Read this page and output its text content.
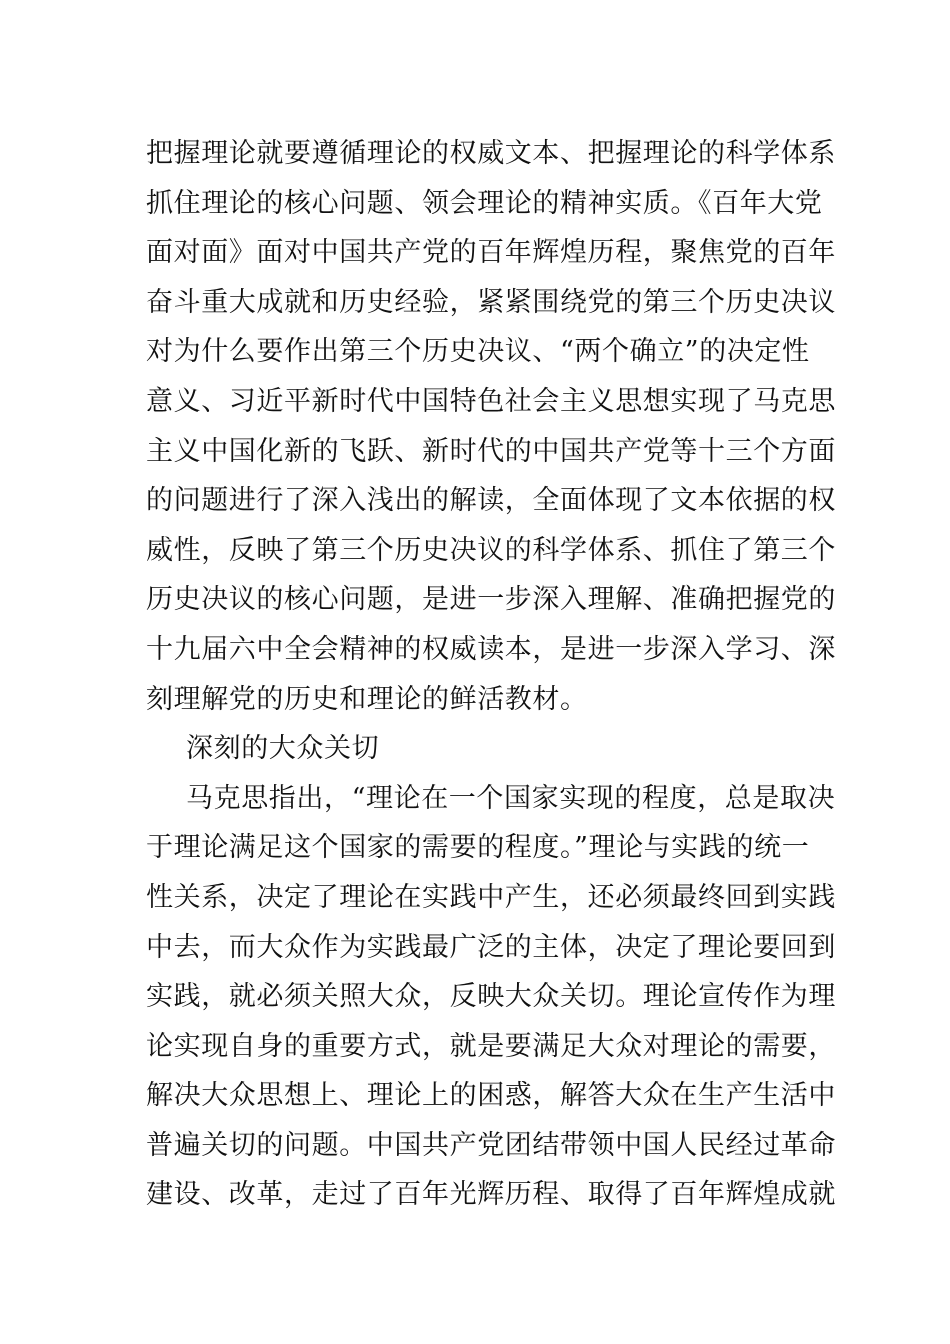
把握理论就要遵循理论的权威文本、把握理论的科学体系
抓住理论的核心问题、领会理论的精神实质。《百年大党
面对面》面对中国共产党的百年辉煌历程，聚焦党的百年
奋斗重大成就和历史经验，紧紧围绕党的第三个历史决议
对为什么要作出第三个历史决议、“两个确立”的决定性
意义、习近平新时代中国特色社会主义思想实现了马克思
主义中国化新的飞跃、新时代的中国共产党等十三个方面
的问题进行了深入浅出的解读，全面体现了文本依据的权
威性，反映了第三个历史决议的科学体系、抓住了第三个
历史决议的核心问题，是进一步深入理解、准确把握党的
十九届六中全会精神的权威读本，是进一步深入学习、深
刻理解党的历史和理论的鲜活教材。
深刻的大众关切
马克思指出，“理论在一个国家实现的程度，总是取决
于理论满足这个国家的需要的程度。”理论与实践的统一
性关系，决定了理论在实践中产生，还必须最终回到实践
中去，而大众作为实践最广泛的主体，决定了理论要回到
实践，就必须关照大众，反映大众关切。理论宣传作为理
论实现自身的重要方式，就是要满足大众对理论的需要，
解决大众思想上、理论上的困惑，解答大众在生产生活中
普遍关切的问题。中国共产党团结带领中国人民经过革命
建设、改革，走过了百年光辉历程、取得了百年辉煌成就
